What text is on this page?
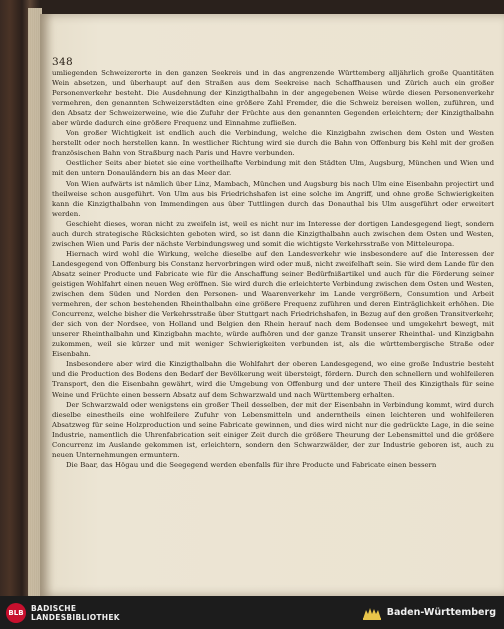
348

umliegenden Schweizerorte in den ganzen Seekreis und in das angrenzende Württemberg alljährlich große Quantitäten Wein absetzen, und überhaupt auf den Straßen aus dem Seekreise nach Schaffhausen und Zürich auch ein großer Personenverkehr besteht. Die Ausdehnung der Kinzigthalbahn in der angegebenen Weise würde diesen Personenverkehr vermehren, den genannten Schweizerstädten eine größere Zahl Fremder, die die Schweiz bereisen wollen, zuführen, und den Absatz der Schweizerweine, wie die Zufuhr der Früchte aus den genannten Gegenden erleichtern; der Kinzigthalbahn aber würde dadurch eine größere Frequenz und Einnahme zufließen.

Von großer Wichtigkeit ist endlich auch die Verbindung, welche die Kinzigbahn zwischen dem Osten und Westen herstellt oder noch herstellen kann. In westlicher Richtung wird sie durch die Bahn von Offenburg bis Kehl mit der großen französischen Bahn von Straßburg nach Paris und Havre verbunden.

Oestlicher Seits aber bietet sie eine vortheilhafte Verbindung mit den Städten Ulm, Augsburg, München und Wien und mit den untern Donauländern bis an das Meer dar.

Von Wien aufwärts ist nämlich über Linz, Mambach, München und Augsburg bis nach Ulm eine Eisenbahn projectirt und theilweise schon ausgeführt. Von Ulm aus bis Friedrichshafen ist eine solche im Angriff, und ohne große Schwierigkeiten kann die Kinzigthalbahn von Immendingen aus über Tuttlingen durch das Donauthal bis Ulm ausgeführt oder erweitert werden.

Geschieht dieses, woran nicht zu zweifeln ist, weil es nicht nur im Interesse der dortigen Landesgegend liegt, sondern auch durch strategische Rücksichten geboten wird, so ist dann die Kinzigthalbahn auch zwischen dem Osten und Westen, zwischen Wien und Paris der nächste Verbindungsweg und somit die wichtigste Verkehrsstraße von Mitteleuropa.

Hiernach wird wohl die Wirkung, welche dieselbe auf den Landesverkehr wie insbesondere auf die Interessen der Landesgegend von Offenburg bis Constanz hervorbringen wird oder muß, nicht zweifelhaft sein. Sie wird dem Lande für den Absatz seiner Producte und Fabricate wie für die Anschaffung seiner Bedürfnißartikel und auch für die Förderung seiner geistigen Wohlfahrt einen neuen Weg eröffnen. Sie wird durch die erleichterte Verbindung zwischen dem Osten und Westen, zwischen dem Süden und Norden den Personen- und Waarenverkehr im Lande vergrößern, Consumtion und Arbeit vermehren, der schon bestehenden Rheinthalbahn eine größere Frequenz zuführen und deren Einträglichkeit erhöhen. Die Concurrenz, welche bisher die Verkehrsstraße über Stuttgart nach Friedrichshafen, in Bezug auf den großen Transitverkehr, der sich von der Nordsee, von Holland und Belgien den Rhein herauf nach dem Bodensee und umgekehrt bewegt, mit unserer Rheinthalbahn und Kinzigbahn machte, würde aufhören und der ganze Transit unserer Rheinthal- und Kinzigbahn zukommen, weil sie kürzer und mit weniger Schwierigkeiten verbunden ist, als die württembergische Straße oder Eisenbahn.

Insbesondere aber wird die Kinzigthalbahn die Wohlfahrt der oberen Landesgegend, wo eine große Industrie besteht und die Production des Bodens den Bedarf der Bevölkerung weit übersteigt, fördern. Durch den schnellern und wohlfeileren Transport, den die Eisenbahn gewährt, wird die Umgebung von Offenburg und der untere Theil des Kinzigthals für seine Weine und Früchte einen bessern Absatz auf dem Schwarzwald und nach Württemberg erhalten.

Der Schwarzwald oder wenigstens ein großer Theil desselben, der mit der Eisenbahn in Verbindung kommt, wird durch dieselbe einestheils eine wohlfeilere Zufuhr von Lebensmitteln und anderntheils einen leichteren und wohlfeileren Absatzweg für seine Holzproduction und seine Fabricate gewinnen, und dies wird nicht nur die gedrückte Lage, in die seine Industrie, namentlich die Uhrenfabrication seit einiger Zeit durch die größere Theurung der Lebensmittel und die größere Concurrenz im Auslande gekommen ist, erleichtern, sondern den Schwarzwälder, der zur Industrie geboren ist, auch zu neuen Unternehmungen ermuntern.

Die Baar, das Högau und die Seegegend werden ebenfalls für ihre Producte und Fabricate einen bessern

BLB BADISCHE
LANDESBIBLIOTHEK	Baden-Württemberg
